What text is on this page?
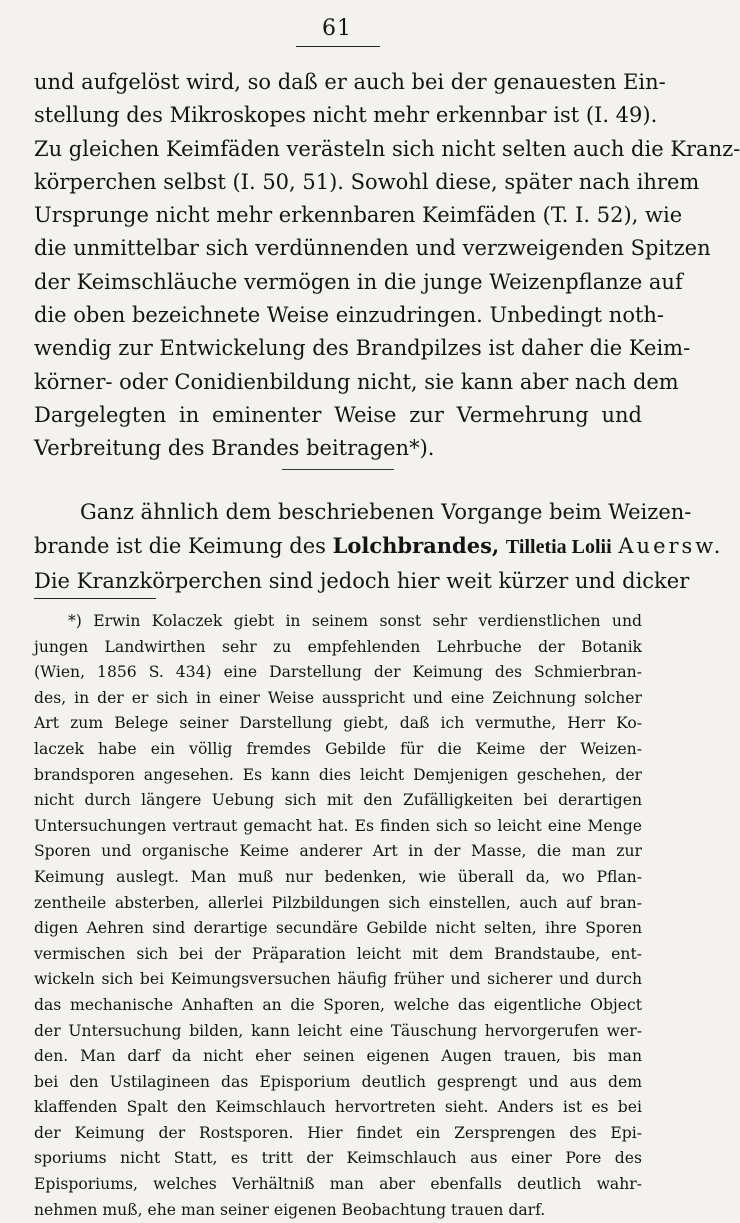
61
und aufgelöst wird, so daß er auch bei der genauesten Ein-
stellung des Mikroskopes nicht mehr erkennbar ist (I. 49).
Zu gleichen Keimfäden verästeln sich nicht selten auch die Kranz-
körperchen selbst (I. 50, 51). Sowohl diese, später nach ihrem
Ursprunge nicht mehr erkennbaren Keimfäden (T. I. 52), wie
die unmittelbar sich verdünnenden und verzweigenden Spitzen
der Keimschläuche vermögen in die junge Weizenpflanze auf
die oben bezeichnete Weise einzudringen. Unbedingt noth-
wendig zur Entwickelung des Brandpilzes ist daher die Keim-
körner- oder Conidienbildung nicht, sie kann aber nach dem
Dargelegten in eminenter Weise zur Vermehrung und
Verbreitung des Brandes beitragen*).
Ganz ähnlich dem beschriebenen Vorgange beim Weizen-
brande ist die Keimung des Lolchbrandes, Tilletia Lolii Auersw.
Die Kranzkörperchen sind jedoch hier weit kürzer und dicker
*) Erwin Kolaczek giebt in seinem sonst sehr verdienstlichen und
jungen Landwirthen sehr zu empfehlenden Lehrbuche der Botanik
(Wien, 1856 S. 434) eine Darstellung der Keimung des Schmierbran-
des, in der er sich in einer Weise ausspricht und eine Zeichnung solcher
Art zum Belege seiner Darstellung giebt, daß ich vermuthe, Herr Ko-
laczek habe ein völlig fremdes Gebilde für die Keime der Weizen-
brandsporen angesehen. Es kann dies leicht Demjenigen geschehen, der
nicht durch längere Uebung sich mit den Zufälligkeiten bei derartigen
Untersuchungen vertraut gemacht hat. Es finden sich so leicht eine Menge
Sporen und organische Keime anderer Art in der Masse, die man zur
Keimung auslegt. Man muß nur bedenken, wie überall da, wo Pflan-
zentheile absterben, allerlei Pilzbildungen sich einstellen, auch auf bran-
digen Aehren sind derartige secundäre Gebilde nicht selten, ihre Sporen
vermischen sich bei der Präparation leicht mit dem Brandstaube, ent-
wickeln sich bei Keimungsversuchen häufig früher und sicherer und durch
das mechanische Anhaften an die Sporen, welche das eigentliche Object
der Untersuchung bilden, kann leicht eine Täuschung hervorgerufen wer-
den. Man darf da nicht eher seinen eigenen Augen trauen, bis man
bei den Ustilagineen das Episporium deutlich gesprengt und aus dem
klaffenden Spalt den Keimschlauch hervortreten sieht. Anders ist es bei
der Keimung der Rostsporen. Hier findet ein Zersprengen des Epi-
sporiums nicht Statt, es tritt der Keimschlauch aus einer Pore des
Episporiums, welches Verhältniß man aber ebenfalls deutlich wahr-
nehmen muß, ehe man seiner eigenen Beobachtung trauen darf.
